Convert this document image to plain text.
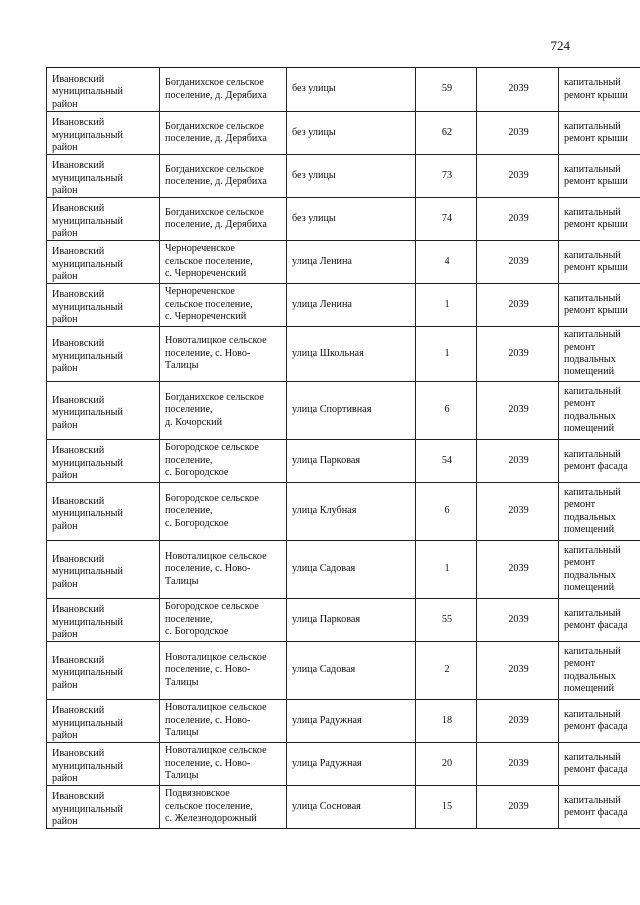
724
Ивановский
муниципальный
район	Богданихское сельское
поселение, д. Дерябиха	без улицы	59	2039	капитальный
ремонт крыши

Ивановский
муниципальный
район	Богданихское сельское
поселение, д. Дерябиха	без улицы	62	2039	капитальный
ремонт крыши

Ивановский
муниципальный
район	Богданихское сельское
поселение, д. Дерябиха	без улицы	73	2039	капитальный
ремонт крыши

Ивановский
муниципальный
район	Богданихское сельское
поселение, д. Дерябиха	без улицы	74	2039	капитальный
ремонт крыши

Ивановский
муниципальный
район	Чернореченское
сельское поселение,
с. Чернореченский	улица Ленина	4	2039	капитальный
ремонт крыши

Ивановский
муниципальный
район	Чернореченское
сельское поселение,
с. Чернореченский	улица Ленина	1	2039	капитальный
ремонт крыши

Ивановский
муниципальный
район	Новоталицкое сельское
поселение, с. Ново-
Талицы	улица Школьная	1	2039	капитальный
ремонт
подвальных
помещений

Ивановский
муниципальный
район	Богданихское сельское
поселение,
д. Кочорский	улица Спортивная	6	2039	капитальный
ремонт
подвальных
помещений

Ивановский
муниципальный
район	Богородское сельское
поселение,
с. Богородское	улица Парковая	54	2039	капитальный
ремонт фасада

Ивановский
муниципальный
район	Богородское сельское
поселение,
с. Богородское	улица Клубная	6	2039	капитальный
ремонт
подвальных
помещений

Ивановский
муниципальный
район	Новоталицкое сельское
поселение, с. Ново-
Талицы	улица Садовая	1	2039	капитальный
ремонт
подвальных
помещений

Ивановский
муниципальный
район	Богородское сельское
поселение,
с. Богородское	улица Парковая	55	2039	капитальный
ремонт фасада

Ивановский
муниципальный
район	Новоталицкое сельское
поселение, с. Ново-
Талицы	улица Садовая	2	2039	капитальный
ремонт
подвальных
помещений

Ивановский
муниципальный
район	Новоталицкое сельское
поселение, с. Ново-
Талицы	улица Радужная	18	2039	капитальный
ремонт фасада

Ивановский
муниципальный
район	Новоталицкое сельское
поселение, с. Ново-
Талицы	улица Радужная	20	2039	капитальный
ремонт фасада

Ивановский
муниципальный
район	Подвязновское
сельское поселение,
с. Железнодорожный	улица Сосновая	15	2039	капитальный
ремонт фасада
